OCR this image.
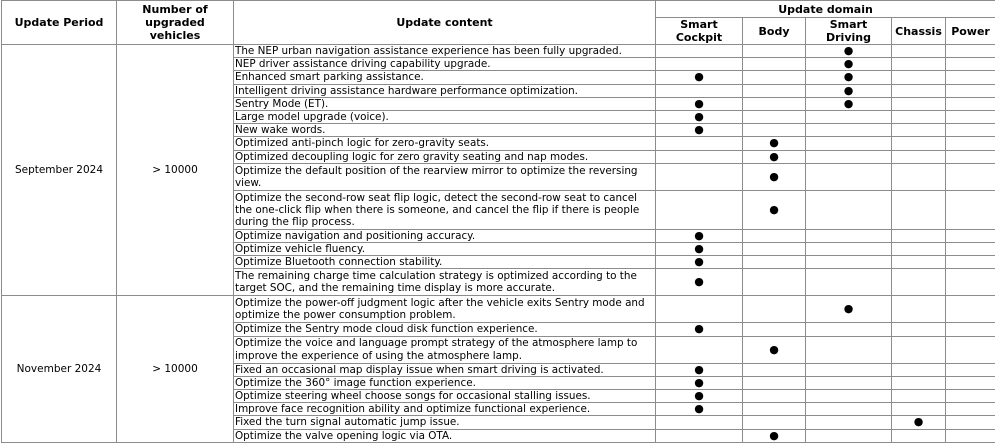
Update Period	Number of upgraded vehicles	Update content	Update domain				
			Smart Cockpit	Body	Smart Driving	Chassis	Power
September 2024	> 10000	The NEP urban navigation assistance experience has been fully upgraded.			●		
		NEP driver assistance driving capability upgrade.			●		
		Enhanced smart parking assistance.	●		●		
		Intelligent driving assistance hardware performance optimization.			●		
		Sentry Mode (ET).	●		●		
		Large model upgrade (voice).	●				
		New wake words.	●				
		Optimized anti-pinch logic for zero-gravity seats.		●			
		Optimized decoupling logic for zero gravity seating and nap modes.		●			
		Optimize the default position of the rearview mirror to optimize the reversing view.		●			
		Optimize the second-row seat flip logic, detect the second-row seat to cancel the one-click flip when there is someone, and cancel the flip if there is people during the flip process.		●			
		Optimize navigation and positioning accuracy.	●				
		Optimize vehicle fluency.	●				
		Optimize Bluetooth connection stability.	●				
		The remaining charge time calculation strategy is optimized according to the target SOC, and the remaining time display is more accurate.	●				
November 2024	> 10000	Optimize the power-off judgment logic after the vehicle exits Sentry mode and optimize the power consumption problem.			●		
		Optimize the Sentry mode cloud disk function experience.	●				
		Optimize the voice and language prompt strategy of the atmosphere lamp to improve the experience of using the atmosphere lamp.		●			
		Fixed an occasional map display issue when smart driving is activated.	●				
		Optimize the 360° image function experience.	●				
		Optimize steering wheel choose songs for occasional stalling issues.	●				
		Improve face recognition ability and optimize functional experience.	●				
		Fixed the turn signal automatic jump issue.				●	
		Optimize the valve opening logic via OTA.		●			
